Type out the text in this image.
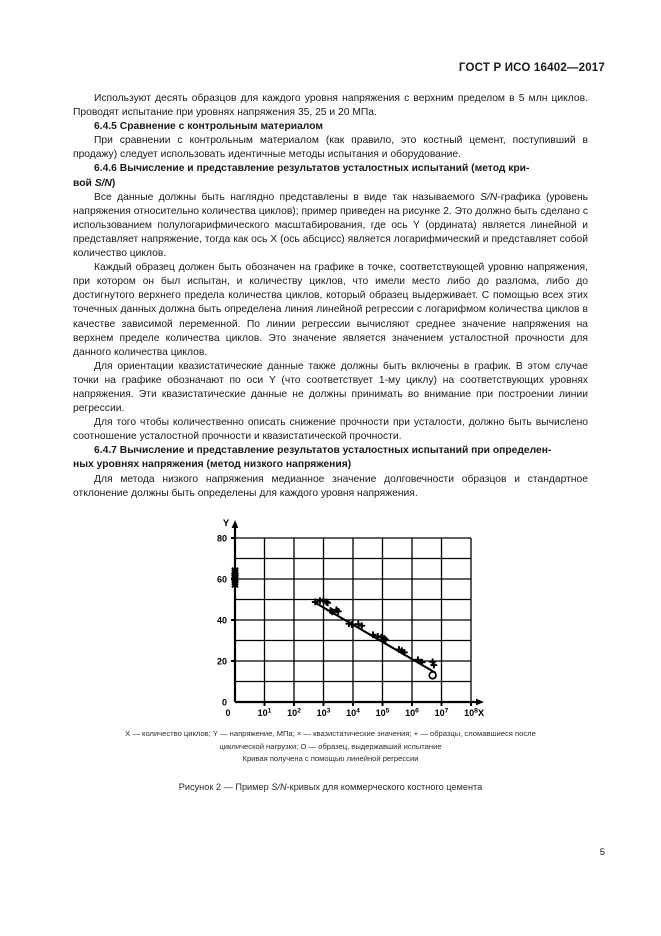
ГОСТ Р ИСО 16402—2017

Используют десять образцов для каждого уровня напряжения с верхним пределом в 5 млн циклов. Проводят испытание при уровнях напряжения 35, 25 и 20 МПа.

6.4.5 Сравнение с контрольным материалом

При сравнении с контрольным материалом (как правило, это костный цемент, поступивший в продажу) следует использовать идентичные методы испытания и оборудование.

6.4.6 Вычисление и представление результатов усталостных испытаний (метод кри-

вой S/N)

Все данные должны быть наглядно представлены в виде так называемого S/N-графика (уровень напряжения относительно количества циклов); пример приведен на рисунке 2. Это должно быть сделано с использованием полулогарифмического масштабирования, где ось Y (ордината) является линейной и представляет напряжение, тогда как ось X (ось абсцисс) является логарифмический и представляет собой количество циклов.

Каждый образец должен быть обозначен на графике в точке, соответствующей уровню напряжения, при котором он был испытан, и количеству циклов, что имели место либо до разлома, либо до достигнутого верхнего предела количества циклов, который образец выдерживает. С помощью всех этих точечных данных должна быть определена линия линейной регрессии с логарифмом количества циклов в качестве зависимой переменной. По линии регрессии вычисляют среднее значение напряжения на верхнем пределе количества циклов. Это значение является значением усталостной прочности для данного количества циклов.

Для ориентации квазистатические данные также должны быть включены в график. В этом случае точки на графике обозначают по оси Y (что соответствует 1-му циклу) на соответствующих уровнях напряжения. Эти квазистатические данные не должны принимать во внимание при построении линии регрессии.

Для того чтобы количественно описать снижение прочности при усталости, должно быть вычислено соотношение усталостной прочности и квазистатической прочности.

6.4.7 Вычисление и представление результатов усталостных испытаний при определен-

ных уровнях напряжения (метод низкого напряжения)

Для метода низкого напряжения медианное значение долговечности образцов и стандартное отклонение должны быть определены для каждого уровня напряжения.

0
20
40
60
80
Y
0	$10^1$ $10^2$ $10^3$ $10^4$ $10^5$ $10^6$ $10^7$ $10^8$ X
X — количество циклов; Y — напряжение, МПа; × — квазистатические значения; + — образцы, сломавшиеся после
циклической нагрузки; O — образец, выдержавший испытание
Кривая получена с помощью линейной регрессии
Рисунок 2 — Пример S/N-кривых для коммерческого костного цемента
5
